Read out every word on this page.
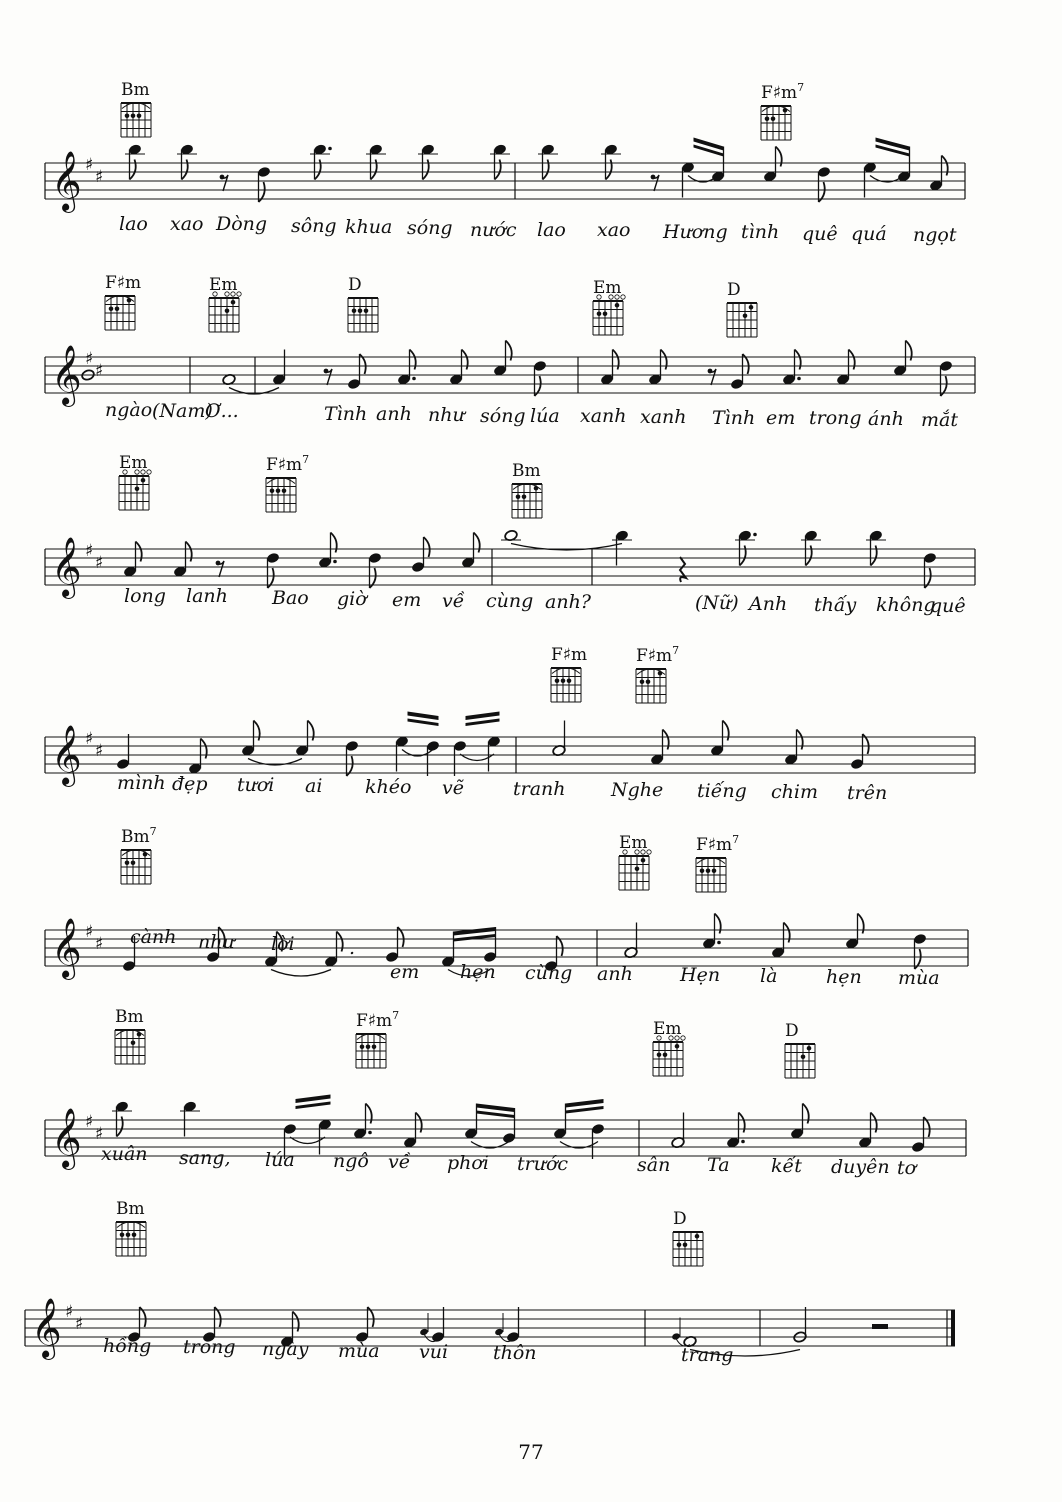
𝄞 ♯
♯
Bm	$F♯m^7$
lao xao Dòng sông khua sóng nước lao xao Hương tình quê quá ngọt
𝄞 ♯
♯
F♯m	Em	D	Em	D
ngào (Nam)
Ơ...	Tình anh như sóng lúa xanh xanh Tình em trong ánh mắt
𝄞 ♯
♯
Em	$F♯m^7$
Bm
long lanh Bao giờ em về cùng anh?	(Nữ) Anh thấy không
quê
𝄞 ♯
♯
F♯m	$F♯m^7$
mình đẹp tươi ai khéo vẽ	tranh Nghe tiếng chim trên
𝄞 ♯
♯
Bm$^7$
Em	$F♯m^7$
cành như lời	.
em hẹn cùng anh Hẹn là	hẹn mùa
𝄞 ♯
♯
Bm	$F♯m^7$
Em	D
xuân sang, lúa ngô về phơi trước	sân Ta kết duyên tơ
𝄞 ♯
♯
Bm	D
hồng trong ngày mùa vui thôn	trang
77
